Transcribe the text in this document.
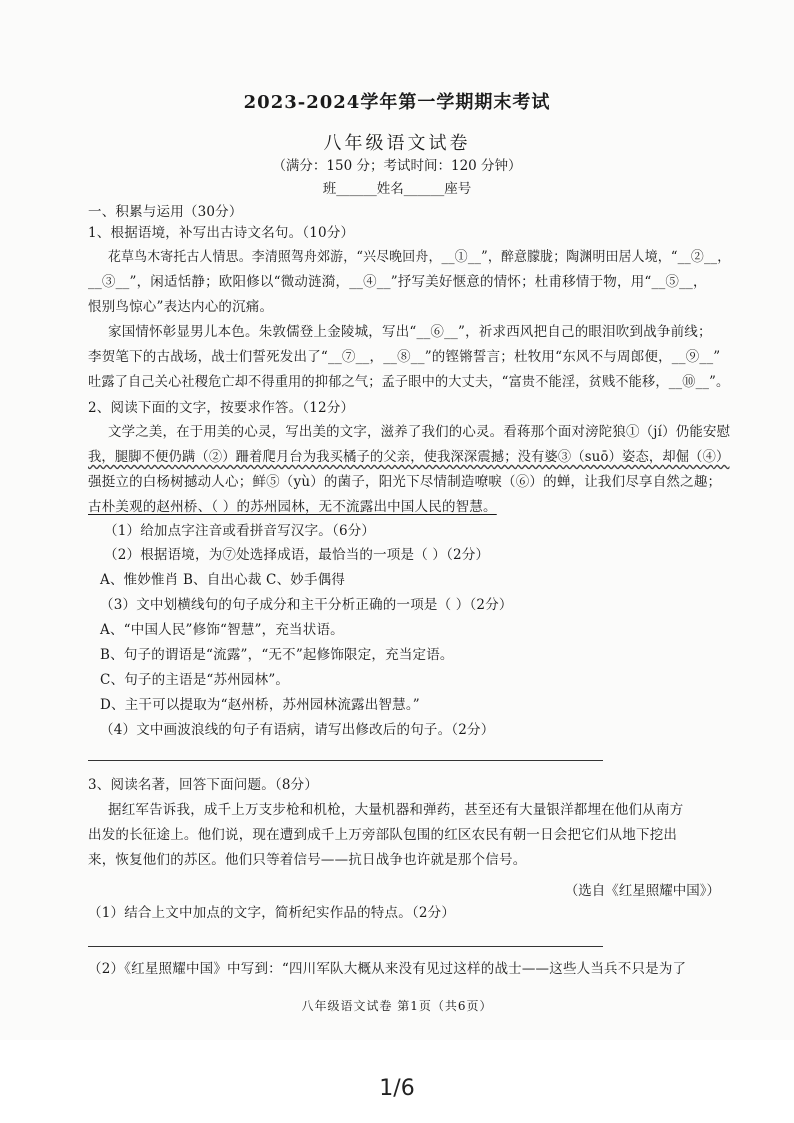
2023-2024学年第一学期期末考试
八年级语文试卷
（满分：150 分；考试时间：120 分钟）
班______姓名______座号
一、积累与运用（30分）
1、根据语境，补写出古诗文名句。（10分）
花草鸟木寄托古人情思。李清照驾舟郊游，“兴尽晚回舟，__①__”，醉意朦胧；陶渊明田居人境，“__②__，
__③__”，闲适恬静；欧阳修以“微动涟漪，__④__”抒写美好惬意的情怀；杜甫移情于物，用“__⑤__，
恨别鸟惊心”表达内心的沉痛。
家国情怀彰显男儿本色。朱敦儒登上金陵城，写出“__⑥__”，祈求西风把自己的眼泪吹到战争前线；
李贺笔下的古战场，战士们誓死发出了“__⑦__，__⑧__”的铿锵誓言；杜牧用“东风不与周郎便，__⑨__”
吐露了自己关心社稷危亡却不得重用的抑郁之气；孟子眼中的大丈夫，“富贵不能淫，贫贱不能移，__⑩__”。
2、阅读下面的文字，按要求作答。（12分）
文学之美，在于用美的心灵，写出美的文字，滋养了我们的心灵。看蒋那个面对滂陀狼①（jí）仍能安慰
我，腿脚不便仍蹒（②）跚着爬月台为我买橘子的父亲，使我深深震撼；没有婆③（suō）姿态，却倔（④）
强挺立的白杨树撼动人心；鲜⑤（yù）的菌子，阳光下尽情制造嘹唳（⑥）的蝉，让我们尽享自然之趣；
古朴美观的赵州桥、（ ）的苏州园林，无不流露出中国人民的智慧。
（1）给加点字注音或看拼音写汉字。（6分）
（2）根据语境，为⑦处选择成语，最恰当的一项是（ ）（2分）
A、惟妙惟肖 B、自出心裁 C、妙手偶得
（3）文中划横线句的句子成分和主干分析正确的一项是（ ）（2分）
A、“中国人民”修饰“智慧”，充当状语。
B、句子的谓语是“流露”，“无不”起修饰限定，充当定语。
C、句子的主语是“苏州园林”。
D、主干可以提取为“赵州桥，苏州园林流露出智慧。”
（4）文中画波浪线的句子有语病，请写出修改后的句子。（2分）
3、阅读名著，回答下面问题。（8分）
据红军告诉我，成千上万支步枪和机枪，大量机器和弹药，甚至还有大量银洋都埋在他们从南方
出发的长征途上。他们说，现在遭到成千上万旁部队包围的红区农民有朝一日会把它们从地下挖出
来，恢复他们的苏区。他们只等着信号——抗日战争也许就是那个信号。
（选自《红星照耀中国》）
（1）结合上文中加点的文字，简析纪实作品的特点。（2分）
（2）《红星照耀中国》中写到：“四川军队大概从来没有见过这样的战士——这些人当兵不只是为了
八年级语文试卷 第1页（共6页）
1/6
